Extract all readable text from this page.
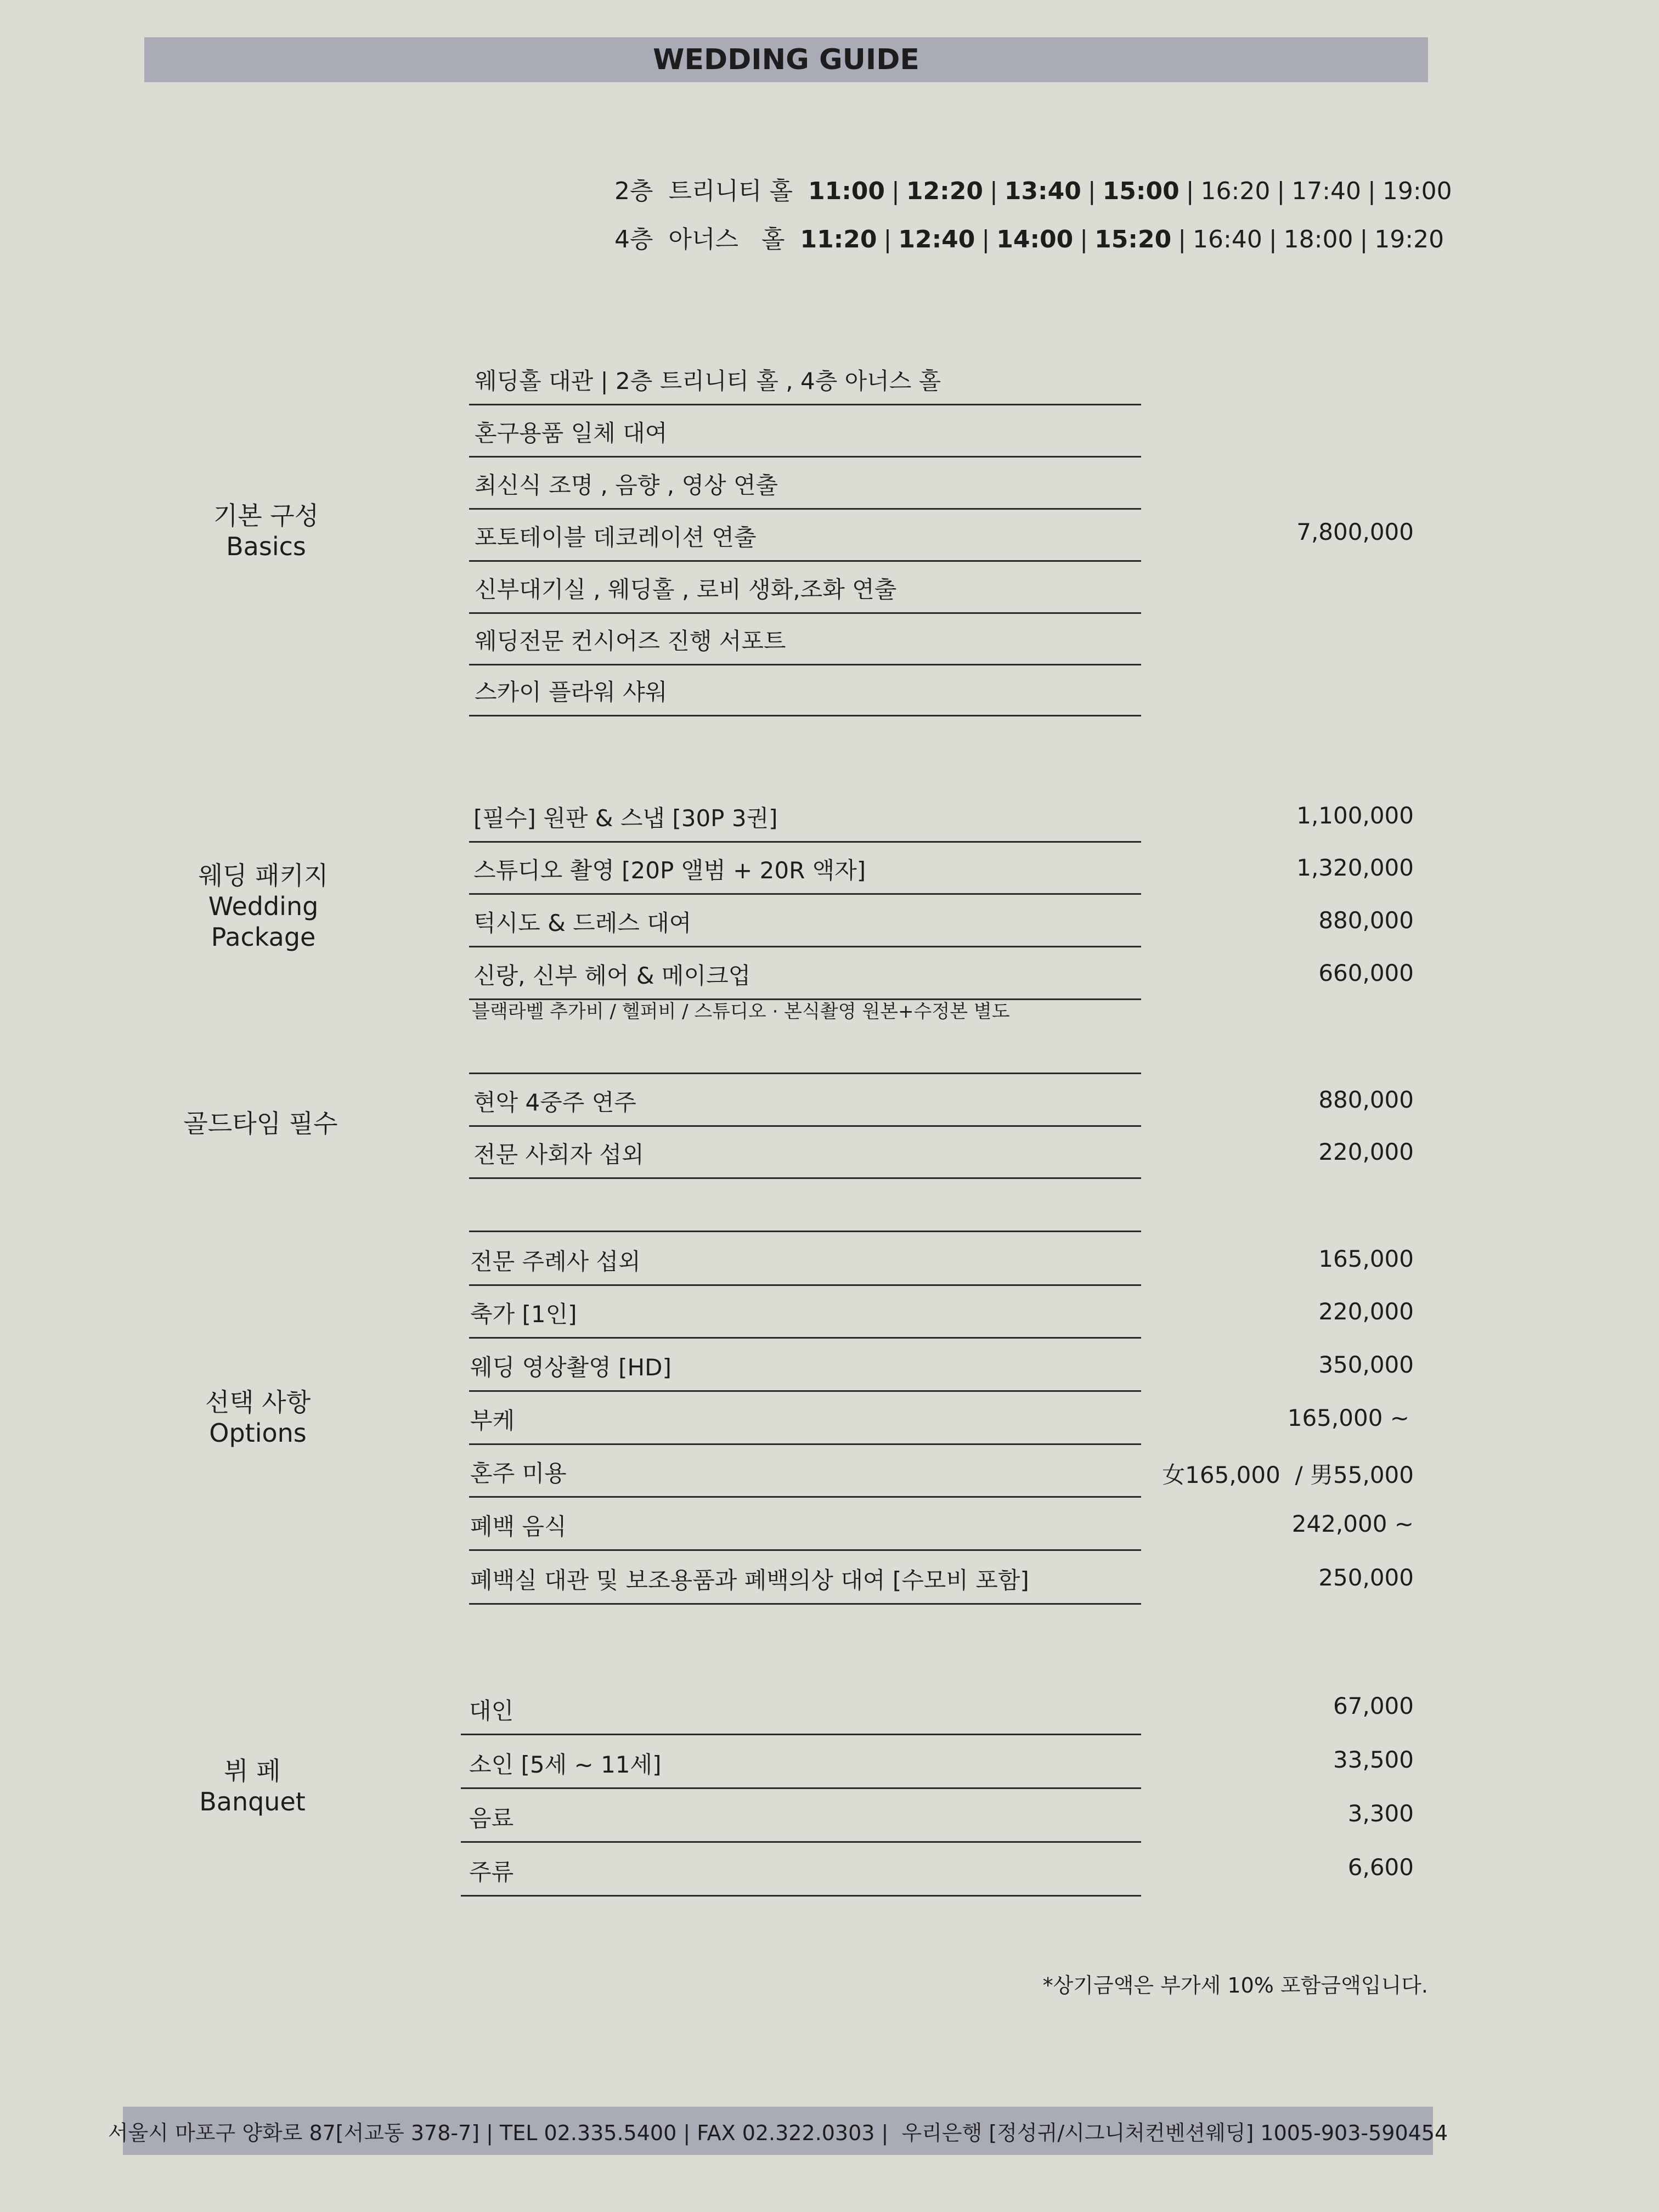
WEDDING GUIDE
2층 트리니티 홀 11:00 | 12:20 | 13:40 | 15:00 | 16:20 | 17:40 | 19:00
4층 아너스   홀 11:20 | 12:40 | 14:00 | 15:20 | 16:40 | 18:00 | 19:20
기본 구성
Basics
웨딩홀 대관 | 2층 트리니티 홀 , 4층 아너스 홀
혼구용품 일체 대여
최신식 조명 , 음향 , 영상 연출
포토테이블 데코레이션 연출
신부대기실 , 웨딩홀 , 로비 생화,조화 연출
웨딩전문 컨시어즈 진행 서포트
스카이 플라워 샤워
7,800,000
웨딩 패키지
Wedding Package
[필수] 원판 & 스냅 [30P 3권]	1,100,000
스튜디오 촬영 [20P 앨범 + 20R 액자]	1,320,000
턱시도 & 드레스 대여	880,000
신랑, 신부 헤어 & 메이크업	660,000
블랙라벨 추가비 / 헬퍼비 / 스튜디오 · 본식촬영 원본+수정본 별도
골드타임 필수
현악 4중주 연주	880,000
전문 사회자 섭외	220,000
선택 사항
Options
전문 주례사 섭외	165,000
축가 [1인]	220,000
웨딩 영상촬영 [HD]	350,000
부케	165,000 ~
혼주 미용	女165,000  / 男55,000
폐백 음식	242,000 ~
폐백실 대관 및 보조용품과 폐백의상 대여 [수모비 포함]	250,000
뷔 페
Banquet
대인	67,000
소인 [5세 ~ 11세]	33,500
음료	3,300
주류	6,600
*상기금액은 부가세 10% 포함금액입니다.
서울시 마포구 양화로 87[서교동 378-7] | TEL 02.335.5400 | FAX 02.322.0303 |  우리은행 [정성귀/시그니처컨벤션웨딩] 1005-903-590454
